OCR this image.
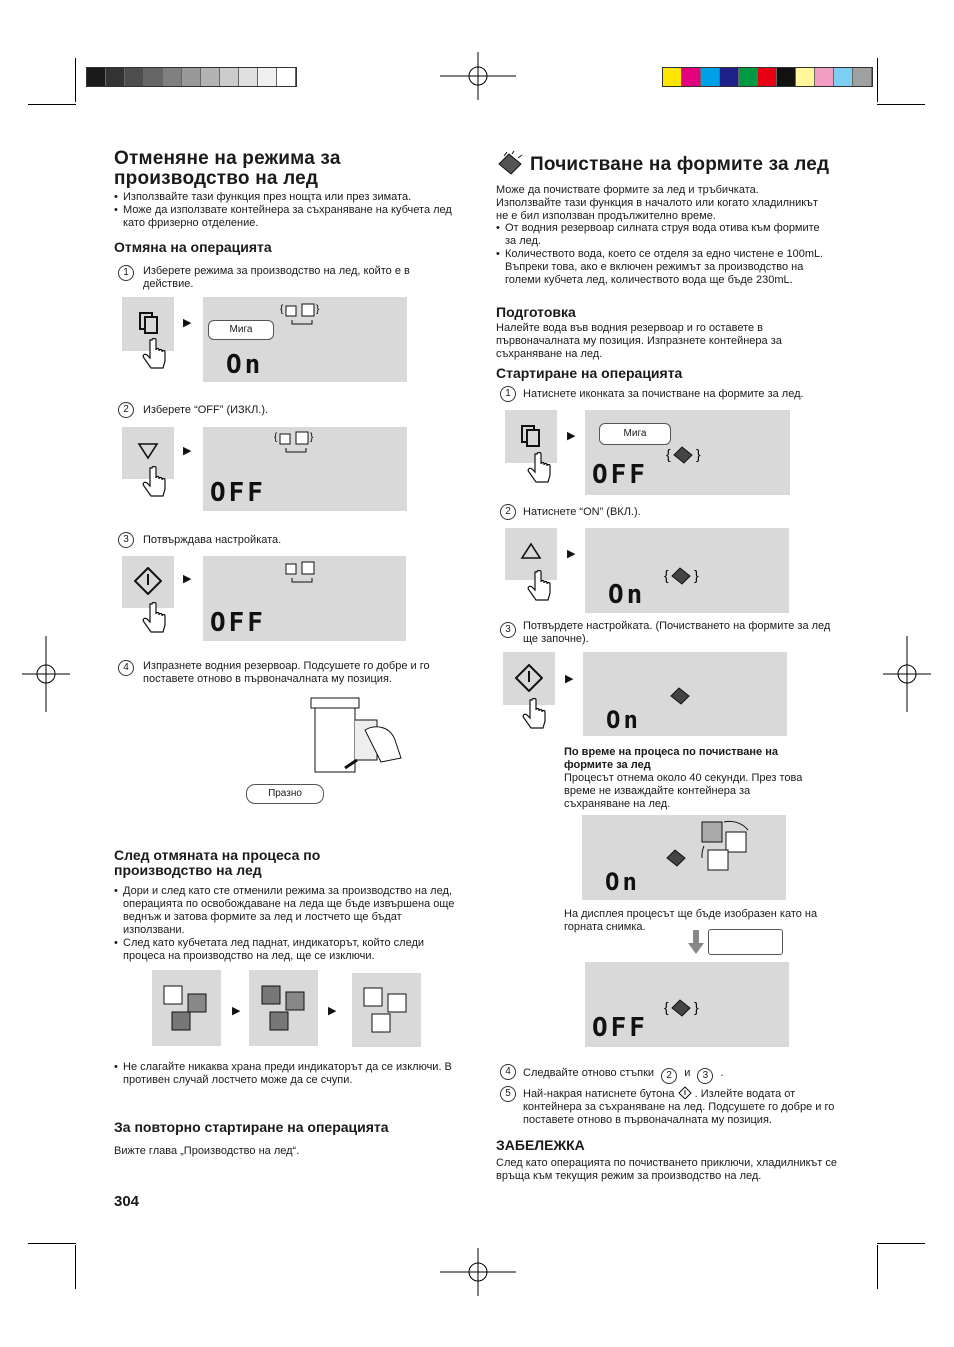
Отменяне на режима за производство на лед
• Използвайте тази функция през нощта или през зимата.
• Може да използвате контейнера за съхраняване на кубчета лед като фризерно отделение.
Отмяна на операцията
1	Изберете режима за производство на лед, който е в действие.
▶
Мига
{	}
On
2	Изберете “OFF” (ИЗКЛ.).
▶
{	}
OFF
3	Потвърждава настройката.
▶
OFF
4	Изпразнете водния резервоар. Подсушете го добре и го поставете отново в първоначалната му позиция.
Празно
След отмяната на процеса по производство на лед
• Дори и след като сте отменили режима за производство на лед, операцията по освобождаване на леда ще бъде извършена още веднъж и затова формите за лед и лостчето ще бъдат използвани.
• След като кубчетата лед паднат, индикаторът, който следи процеса на производство на лед, ще се изключи.
▶	▶
• Не слагайте никаква храна преди индикаторът да се изключи. В противен случай лостчето може да се счупи.
За повторно стартиране на операцията
Вижте глава „Производство на лед“.
304
Почистване на формите за лед
Може да почиствате формите за лед и тръбичката. Използвайте тази функция в началото или когато хладилникът не е бил използван продължително време.
• От водния резервоар силната струя вода отива към формите за лед.
• Количеството вода, което се отделя за едно чистене е 100mL. Въпреки това, ако е включен режимът за производство на големи кубчета лед, количеството вода ще бъде 230mL.
Подготовка
Налейте вода във водния резервоар и го оставете в първоначалната му позиция. Изпразнете контейнера за съхраняване на лед.
Стартиране на операцията
1	Натиснете иконката за почистване на формите за лед.
▶	Мига
{ }
OFF
2	Натиснете “ON” (ВКЛ.).
▶
{ }
On
3	Потвърдете настройката. (Почистването на формите за лед ще започне).
▶
On
По време на процеса по почистване на формите за лед
Процесът отнема около 40 секунди. През това време не изваждайте контейнера за съхраняване на лед.
On
На дисплея процесът ще бъде изобразен като на горната снимка.
{ }
OFF
4	Следвайте отново стъпки 2 и 3 .
5	Най-накрая натиснете бутона . Излейте водата от контейнера за съхраняване на лед. Подсушете го добре и го поставете отново в първоначалната му позиция.
ЗАБЕЛЕЖКА
След като операцията по почистването приключи, хладилникът се връща към текущия режим за производство на лед.
